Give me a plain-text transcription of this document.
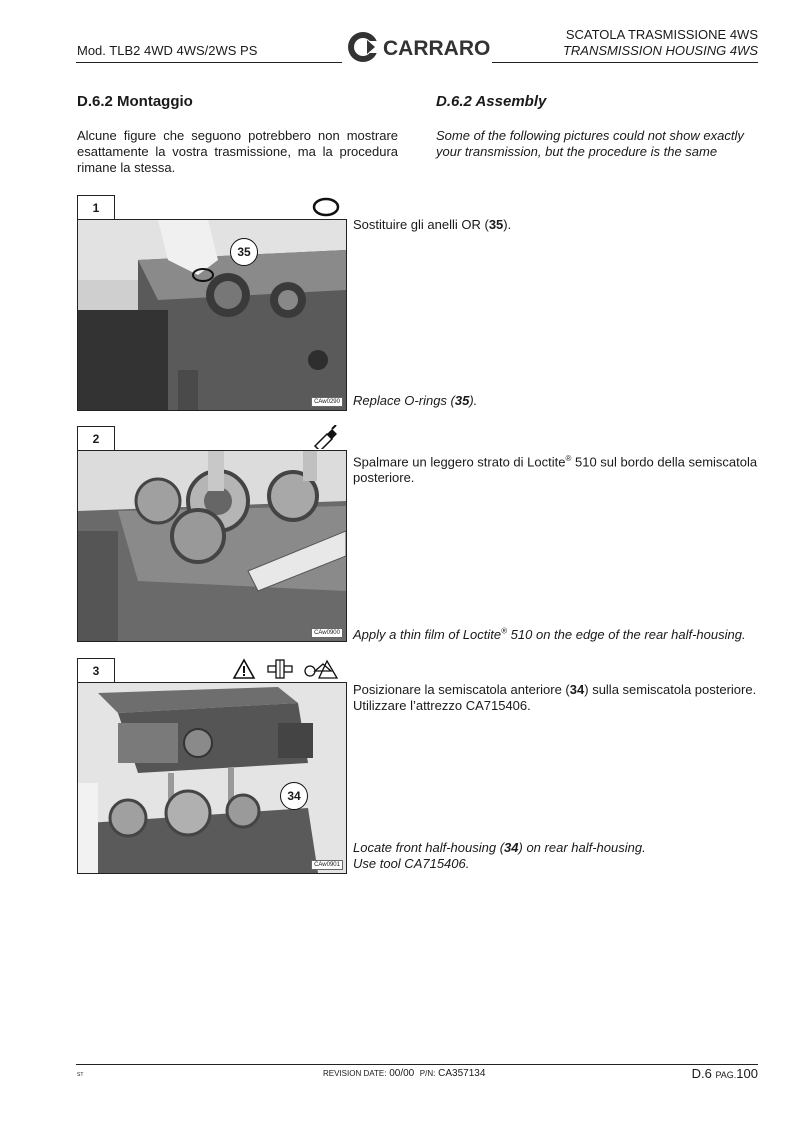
Mod. TLB2 4WD 4WS/2WS PS	CARRARO
SCATOLA TRASMISSIONE 4WS
TRANSMISSION HOUSING 4WS
D.6.2 Montaggio	D.6.2 Assembly
Alcune figure che seguono potrebbero non mostrare esattamente la vostra trasmissione, ma la procedura rimane la stessa.
Some of the following pictures could not show exactly your transmission, but the procedure is the same
1
35
CAw0290
Sostituire gli anelli OR (35).
Replace O-rings (35).
2
CAw0900
Spalmare un leggero strato di Loctite® 510 sul bordo della semiscatola posteriore.
Apply a thin film of Loctite® 510 on the edge of the rear half-housing.
3
34
CAw0901
Posizionare la semiscatola anteriore (34) sulla semiscatola posteriore.
Utilizzare l’attrezzo CA715406.
Locate front half-housing (34) on rear half-housing.
Use tool CA715406.
ST	REVISION DATE: 00/00 P/N: CA357134	D.6 PAG.100
